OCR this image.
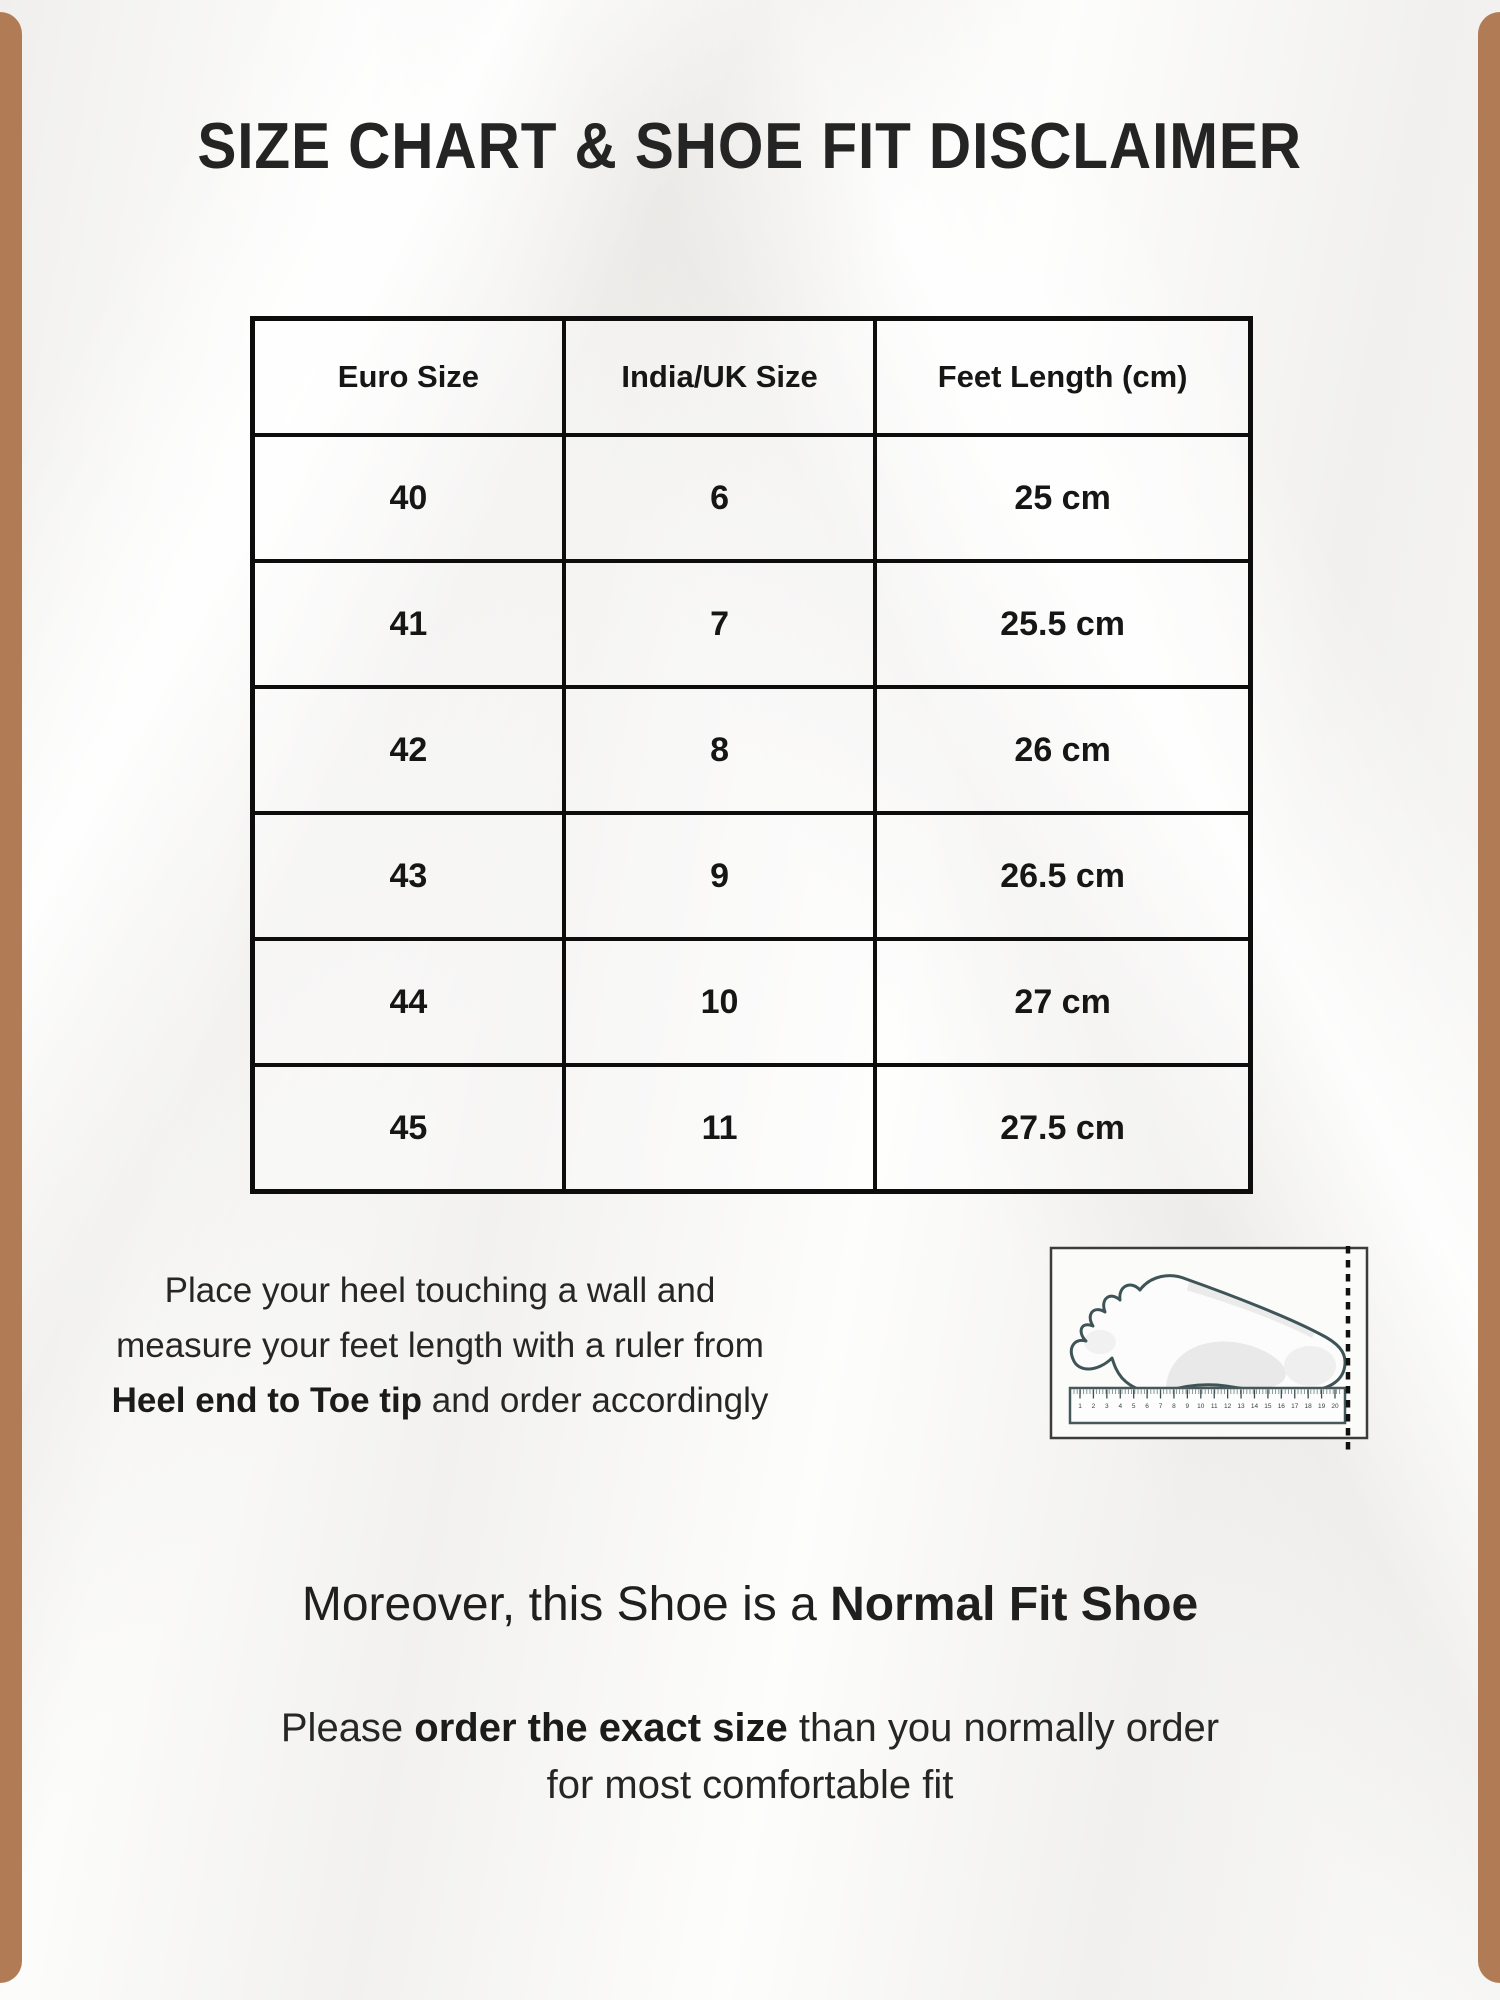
SIZE CHART & SHOE FIT DISCLAIMER
Euro Size	India/UK Size	Feet Length (cm)
40	6	25 cm
41	7	25.5 cm
42	8	26 cm
43	9	26.5 cm
44	10	27 cm
45	11	27.5 cm

Place your heel touching a wall and
measure your feet length with a ruler from
Heel end to Toe tip and order accordingly	1 2 3 4 5 6 7 8 9 10 11 12 13 14 15 16 17 18 19 20

Moreover, this Shoe is a Normal Fit Shoe

Please order the exact size than you normally order
for most comfortable fit
